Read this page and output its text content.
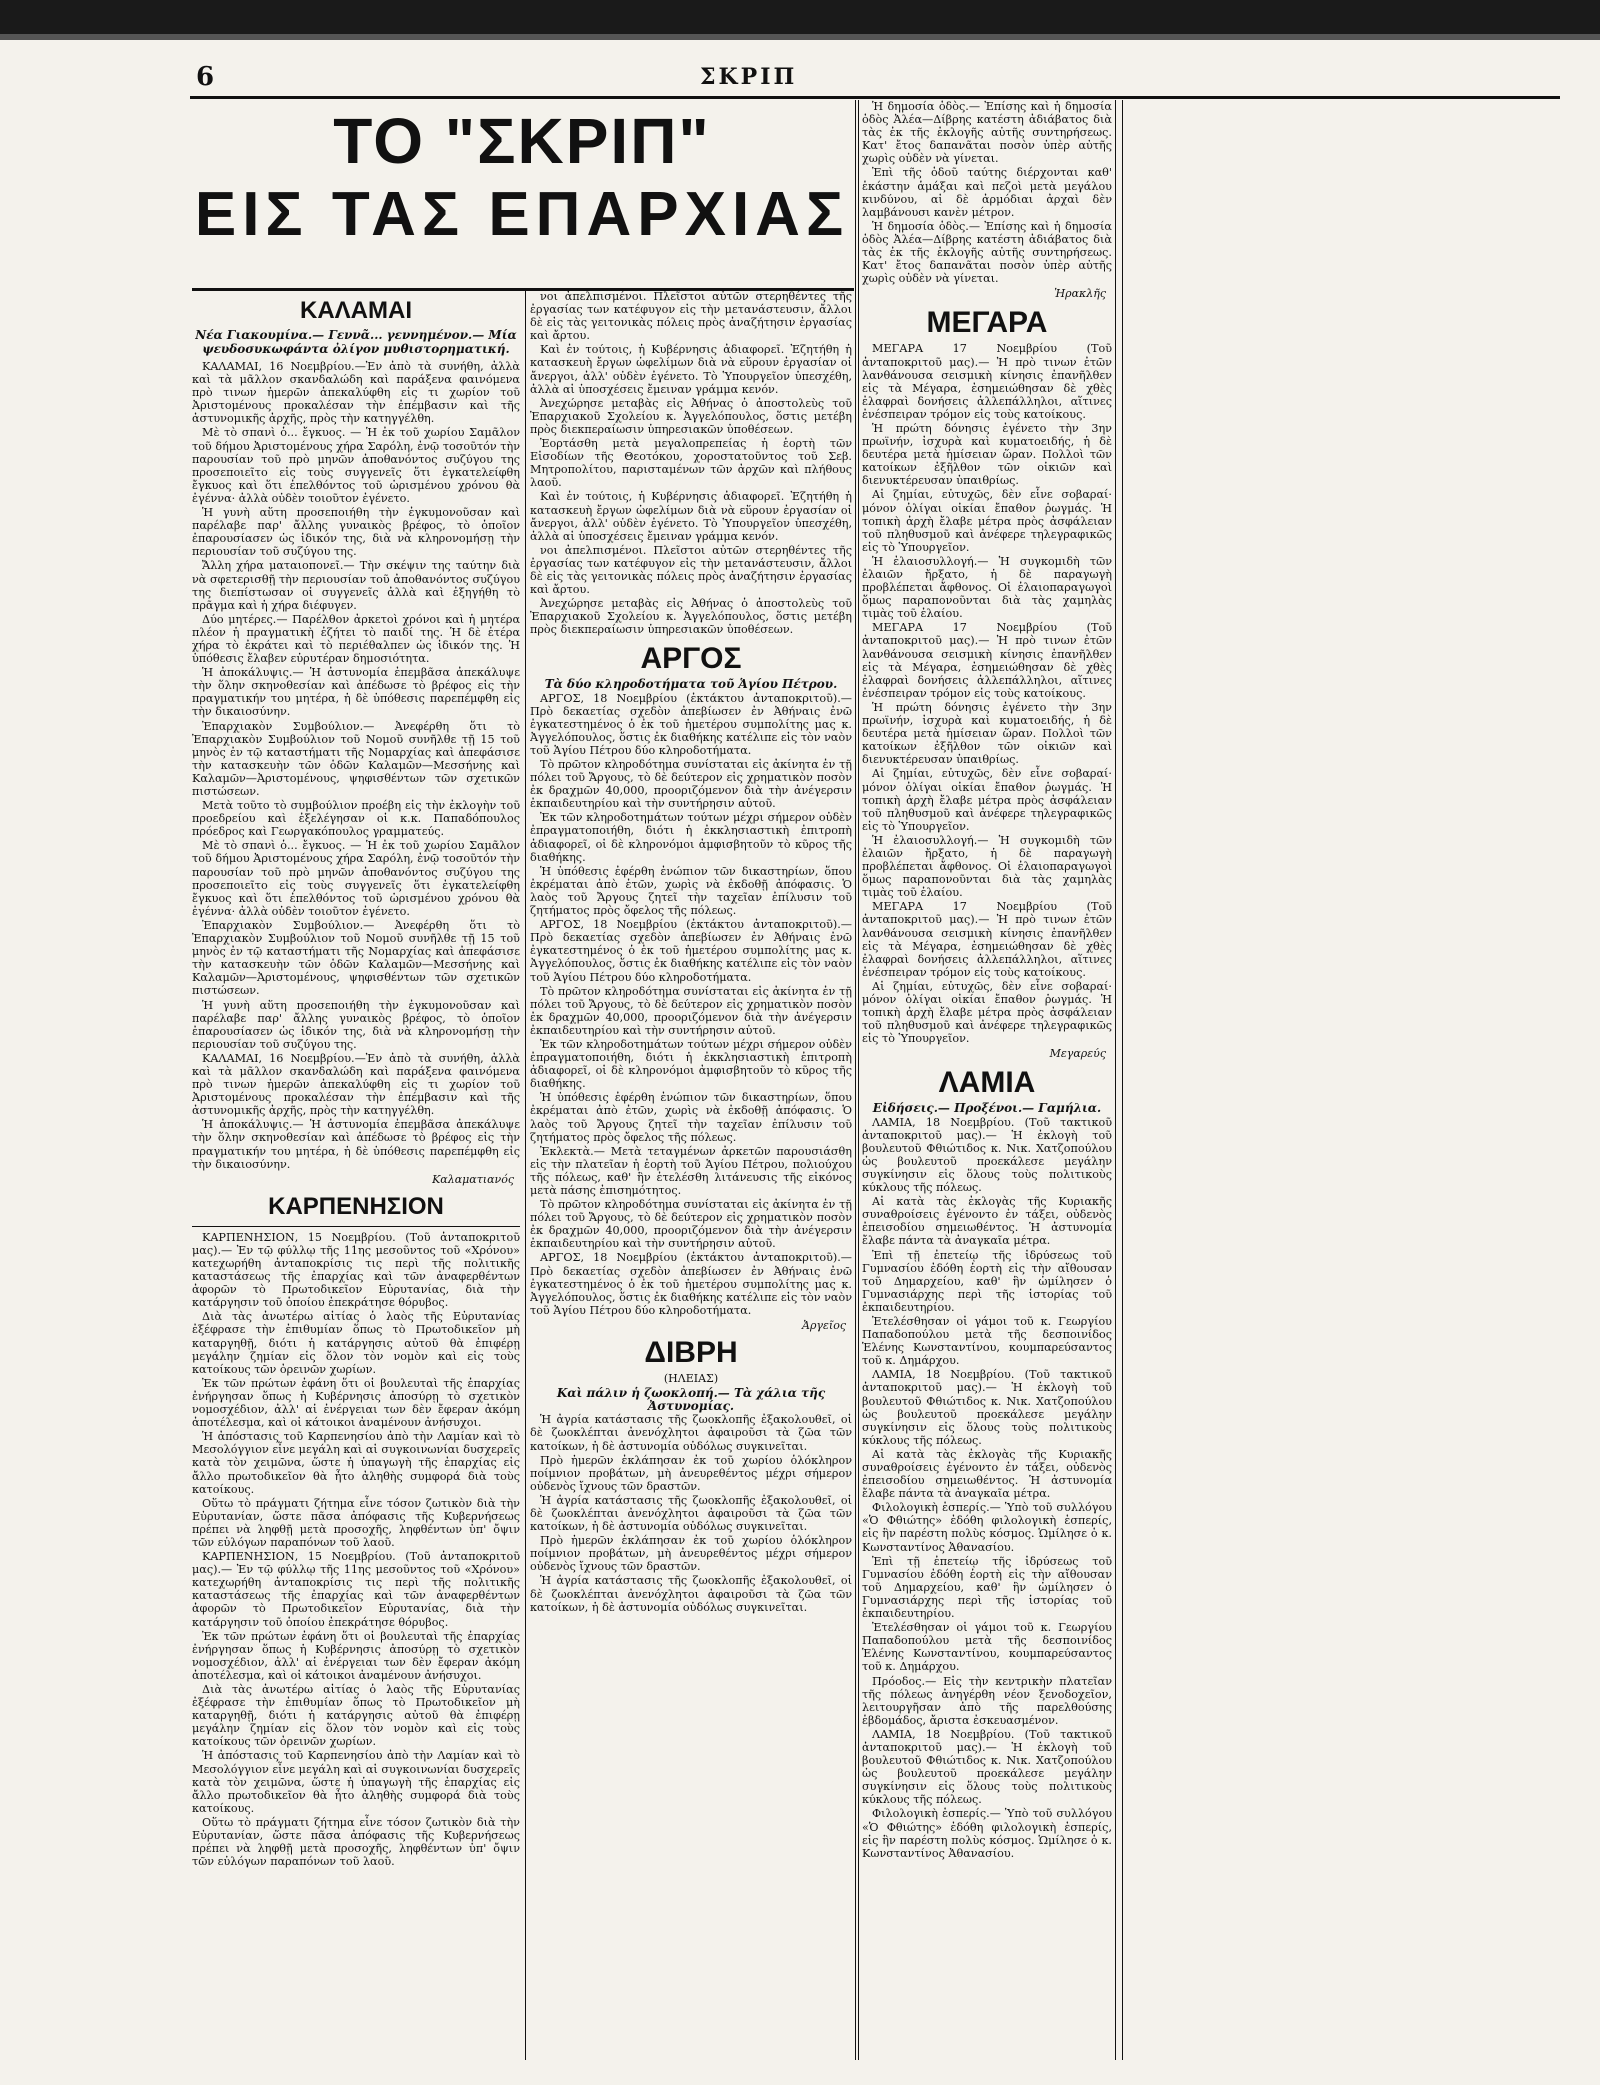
6	ΣΚΡΙΠ
ΤΟ "ΣΚΡΙΠ"
ΕΙΣ ΤΑΣ ΕΠΑΡΧΙΑΣ
ΚΑΛΑΜΑΙ
Νέα Γιακουμίνα.— Γεννᾶ... γεννημένον.— Μία ψευδοσυκωφάντα ὀλίγον μυθιστορηματική.

ΚΑΛΑΜΑΙ, 16 Νοεμβρίου.—Ἐν ἀπὸ τὰ συνήθη, ἀλλὰ καὶ τὰ μᾶλλον σκανδαλώδη καὶ παράξενα φαινόμενα πρὸ τινων ἡμερῶν ἀπεκαλύφθη εἰς τι χωρίον τοῦ Ἀριστομένους προκαλέσαν τὴν ἐπέμβασιν καὶ τῆς ἀστυνομικῆς ἀρχῆς, πρὸς τὴν κατηγγέλθη.

Μὲ τὸ σπανὶ ὁ... ἔγκυος. — Ἡ ἐκ τοῦ χωρίου Σαμᾶλον τοῦ δήμου Ἀριστομένους χήρα Σαρόλη, ἐνῷ τοσοῦτόν τὴν παρουσίαν τοῦ πρὸ μηνῶν ἀποθανόντος συζύγου της προσεποιεῖτο εἰς τοὺς συγγενεῖς ὅτι ἐγκατελείφθη ἔγκυος καὶ ὅτι ἐπελθόντος τοῦ ὡρισμένου χρόνου θὰ ἐγέννα· ἀλλὰ οὐδὲν τοιοῦτον ἐγένετο.

Ἡ γυνὴ αὕτη προσεποιήθη τὴν ἐγκυμονοῦσαν καὶ παρέλαβε παρ' ἄλλης γυναικὸς βρέφος, τὸ ὁποῖον ἐπαρουσίασεν ὡς ἰδικόν της, διὰ νὰ κληρονομήσῃ τὴν περιουσίαν τοῦ συζύγου της.

Ἄλλη χήρα ματαιοπονεῖ.— Τὴν σκέψιν της ταύτην διὰ νὰ σφετερισθῇ τὴν περιουσίαν τοῦ ἀποθανόντος συζύγου της διεπίστωσαν οἱ συγγενεῖς ἀλλὰ καὶ ἐξηγήθη τὸ πρᾶγμα καὶ ἡ χήρα διέφυγεν.

Δύο μητέρες.— Παρέλθον ἀρκετοὶ χρόνοι καὶ ἡ μητέρα πλέον ἡ πραγματικὴ ἐζήτει τὸ παιδί της. Ἡ δὲ ἑτέρα χήρα τὸ ἐκράτει καὶ τὸ περιέθαλπεν ὡς ἰδικόν της. Ἡ ὑπόθεσις ἔλαβεν εὐρυτέραν δημοσιότητα.

Ἡ ἀποκάλυψις.— Ἡ ἀστυνομία ἐπεμβᾶσα ἀπεκάλυψε τὴν ὅλην σκηνοθεσίαν καὶ ἀπέδωσε τὸ βρέφος εἰς τὴν πραγματικήν του μητέρα, ἡ δὲ ὑπόθεσις παρεπέμφθη εἰς τὴν δικαιοσύνην.

Ἐπαρχιακὸν Συμβούλιον.— Ἀνεφέρθη ὅτι τὸ Ἐπαρχιακὸν Συμβούλιον τοῦ Νομοῦ συνῆλθε τῇ 15 τοῦ μηνὸς ἐν τῷ καταστήματι τῆς Νομαρχίας καὶ ἀπεφάσισε τὴν κατασκευὴν τῶν ὁδῶν Καλαμῶν—Μεσσήνης καὶ Καλαμῶν—Ἀριστομένους, ψηφισθέντων τῶν σχετικῶν πιστώσεων.

Μετὰ τοῦτο τὸ συμβούλιον προέβη εἰς τὴν ἐκλογὴν τοῦ προεδρείου καὶ ἐξελέγησαν οἱ κ.κ. Παπαδόπουλος πρόεδρος καὶ Γεωργακόπουλος γραμματεύς.

Μὲ τὸ σπανὶ ὁ... ἔγκυος. — Ἡ ἐκ τοῦ χωρίου Σαμᾶλον τοῦ δήμου Ἀριστομένους χήρα Σαρόλη, ἐνῷ τοσοῦτόν τὴν παρουσίαν τοῦ πρὸ μηνῶν ἀποθανόντος συζύγου της προσεποιεῖτο εἰς τοὺς συγγενεῖς ὅτι ἐγκατελείφθη ἔγκυος καὶ ὅτι ἐπελθόντος τοῦ ὡρισμένου χρόνου θὰ ἐγέννα· ἀλλὰ οὐδὲν τοιοῦτον ἐγένετο.

Ἐπαρχιακὸν Συμβούλιον.— Ἀνεφέρθη ὅτι τὸ Ἐπαρχιακὸν Συμβούλιον τοῦ Νομοῦ συνῆλθε τῇ 15 τοῦ μηνὸς ἐν τῷ καταστήματι τῆς Νομαρχίας καὶ ἀπεφάσισε τὴν κατασκευὴν τῶν ὁδῶν Καλαμῶν—Μεσσήνης καὶ Καλαμῶν—Ἀριστομένους, ψηφισθέντων τῶν σχετικῶν πιστώσεων.

Ἡ γυνὴ αὕτη προσεποιήθη τὴν ἐγκυμονοῦσαν καὶ παρέλαβε παρ' ἄλλης γυναικὸς βρέφος, τὸ ὁποῖον ἐπαρουσίασεν ὡς ἰδικόν της, διὰ νὰ κληρονομήσῃ τὴν περιουσίαν τοῦ συζύγου της.

ΚΑΛΑΜΑΙ, 16 Νοεμβρίου.—Ἐν ἀπὸ τὰ συνήθη, ἀλλὰ καὶ τὰ μᾶλλον σκανδαλώδη καὶ παράξενα φαινόμενα πρὸ τινων ἡμερῶν ἀπεκαλύφθη εἰς τι χωρίον τοῦ Ἀριστομένους προκαλέσαν τὴν ἐπέμβασιν καὶ τῆς ἀστυνομικῆς ἀρχῆς, πρὸς τὴν κατηγγέλθη.

Ἡ ἀποκάλυψις.— Ἡ ἀστυνομία ἐπεμβᾶσα ἀπεκάλυψε τὴν ὅλην σκηνοθεσίαν καὶ ἀπέδωσε τὸ βρέφος εἰς τὴν πραγματικήν του μητέρα, ἡ δὲ ὑπόθεσις παρεπέμφθη εἰς τὴν δικαιοσύνην.

Καλαματιανός
ΚΑΡΠΕΝΗΣΙΟΝ

ΚΑΡΠΕΝΗΣΙΟΝ, 15 Νοεμβρίου. (Τοῦ ἀνταποκριτοῦ μας).— Ἐν τῷ φύλλῳ τῆς 11ης μεσοῦντος τοῦ «Χρόνου» κατεχωρήθη ἀνταποκρίσις τις περὶ τῆς πολιτικῆς καταστάσεως τῆς ἐπαρχίας καὶ τῶν ἀναφερθέντων ἀφορῶν τὸ Πρωτοδικεῖον Εὐρυτανίας, διὰ τὴν κατάργησιν τοῦ ὁποίου ἐπεκράτησε θόρυβος.

Διὰ τὰς ἀνωτέρω αἰτίας ὁ λαὸς τῆς Εὐρυτανίας ἐξέφρασε τὴν ἐπιθυμίαν ὅπως τὸ Πρωτοδικεῖον μὴ καταργηθῇ, διότι ἡ κατάργησις αὐτοῦ θὰ ἐπιφέρῃ μεγάλην ζημίαν εἰς ὅλον τὸν νομὸν καὶ εἰς τοὺς κατοίκους τῶν ὀρεινῶν χωρίων.

Ἐκ τῶν πρώτων ἐφάνη ὅτι οἱ βουλευταὶ τῆς ἐπαρχίας ἐνήργησαν ὅπως ἡ Κυβέρνησις ἀποσύρῃ τὸ σχετικὸν νομοσχέδιον, ἀλλ' αἱ ἐνέργειαι των δὲν ἔφεραν ἀκόμη ἀποτέλεσμα, καὶ οἱ κάτοικοι ἀναμένουν ἀνήσυχοι.

Ἡ ἀπόστασις τοῦ Καρπενησίου ἀπὸ τὴν Λαμίαν καὶ τὸ Μεσολόγγιον εἶνε μεγάλη καὶ αἱ συγκοινωνίαι δυσχερεῖς κατὰ τὸν χειμῶνα, ὥστε ἡ ὑπαγωγὴ τῆς ἐπαρχίας εἰς ἄλλο πρωτοδικεῖον θὰ ἦτο ἀληθὴς συμφορά διὰ τοὺς κατοίκους.

Οὕτω τὸ πράγματι ζήτημα εἶνε τόσον ζωτικὸν διὰ τὴν Εὐρυτανίαν, ὥστε πᾶσα ἀπόφασις τῆς Κυβερνήσεως πρέπει νὰ ληφθῇ μετὰ προσοχῆς, ληφθέντων ὑπ' ὄψιν τῶν εὐλόγων παραπόνων τοῦ λαοῦ.

ΚΑΡΠΕΝΗΣΙΟΝ, 15 Νοεμβρίου. (Τοῦ ἀνταποκριτοῦ μας).— Ἐν τῷ φύλλῳ τῆς 11ης μεσοῦντος τοῦ «Χρόνου» κατεχωρήθη ἀνταποκρίσις τις περὶ τῆς πολιτικῆς καταστάσεως τῆς ἐπαρχίας καὶ τῶν ἀναφερθέντων ἀφορῶν τὸ Πρωτοδικεῖον Εὐρυτανίας, διὰ τὴν κατάργησιν τοῦ ὁποίου ἐπεκράτησε θόρυβος.

Ἐκ τῶν πρώτων ἐφάνη ὅτι οἱ βουλευταὶ τῆς ἐπαρχίας ἐνήργησαν ὅπως ἡ Κυβέρνησις ἀποσύρῃ τὸ σχετικὸν νομοσχέδιον, ἀλλ' αἱ ἐνέργειαι των δὲν ἔφεραν ἀκόμη ἀποτέλεσμα, καὶ οἱ κάτοικοι ἀναμένουν ἀνήσυχοι.

Διὰ τὰς ἀνωτέρω αἰτίας ὁ λαὸς τῆς Εὐρυτανίας ἐξέφρασε τὴν ἐπιθυμίαν ὅπως τὸ Πρωτοδικεῖον μὴ καταργηθῇ, διότι ἡ κατάργησις αὐτοῦ θὰ ἐπιφέρῃ μεγάλην ζημίαν εἰς ὅλον τὸν νομὸν καὶ εἰς τοὺς κατοίκους τῶν ὀρεινῶν χωρίων.

Ἡ ἀπόστασις τοῦ Καρπενησίου ἀπὸ τὴν Λαμίαν καὶ τὸ Μεσολόγγιον εἶνε μεγάλη καὶ αἱ συγκοινωνίαι δυσχερεῖς κατὰ τὸν χειμῶνα, ὥστε ἡ ὑπαγωγὴ τῆς ἐπαρχίας εἰς ἄλλο πρωτοδικεῖον θὰ ἦτο ἀληθὴς συμφορά διὰ τοὺς κατοίκους.

Οὕτω τὸ πράγματι ζήτημα εἶνε τόσον ζωτικὸν διὰ τὴν Εὐρυτανίαν, ὥστε πᾶσα ἀπόφασις τῆς Κυβερνήσεως πρέπει νὰ ληφθῇ μετὰ προσοχῆς, ληφθέντων ὑπ' ὄψιν τῶν εὐλόγων παραπόνων τοῦ λαοῦ.

νοι ἀπελπισμένοι. Πλεῖστοι αὐτῶν στερηθέντες τῆς ἐργασίας των κατέφυγον εἰς τὴν μετανάστευσιν, ἄλλοι δὲ εἰς τὰς γειτονικὰς πόλεις πρὸς ἀναζήτησιν ἐργασίας καὶ ἄρτου.

Καὶ ἐν τούτοις, ἡ Κυβέρνησις ἀδιαφορεῖ. Ἐζητήθη ἡ κατασκευὴ ἔργων ὠφελίμων διὰ νὰ εὕρουν ἐργασίαν οἱ ἄνεργοι, ἀλλ' οὐδὲν ἐγένετο. Τὸ Ὑπουργεῖον ὑπεσχέθη, ἀλλὰ αἱ ὑποσχέσεις ἔμειναν γράμμα κενόν.

Ἀνεχώρησε μεταβὰς εἰς Ἀθήνας ὁ ἀποστολεὺς τοῦ Ἐπαρχιακοῦ Σχολείου κ. Ἀγγελόπουλος, ὅστις μετέβη πρὸς διεκπεραίωσιν ὑπηρεσιακῶν ὑποθέσεων.

Ἐορτάσθη μετὰ μεγαλοπρεπείας ἡ ἑορτὴ τῶν Εἰσοδίων τῆς Θεοτόκου, χοροστατοῦντος τοῦ Σεβ. Μητροπολίτου, παρισταμένων τῶν ἀρχῶν καὶ πλήθους λαοῦ.

Καὶ ἐν τούτοις, ἡ Κυβέρνησις ἀδιαφορεῖ. Ἐζητήθη ἡ κατασκευὴ ἔργων ὠφελίμων διὰ νὰ εὕρουν ἐργασίαν οἱ ἄνεργοι, ἀλλ' οὐδὲν ἐγένετο. Τὸ Ὑπουργεῖον ὑπεσχέθη, ἀλλὰ αἱ ὑποσχέσεις ἔμειναν γράμμα κενόν.

νοι ἀπελπισμένοι. Πλεῖστοι αὐτῶν στερηθέντες τῆς ἐργασίας των κατέφυγον εἰς τὴν μετανάστευσιν, ἄλλοι δὲ εἰς τὰς γειτονικὰς πόλεις πρὸς ἀναζήτησιν ἐργασίας καὶ ἄρτου.

Ἀνεχώρησε μεταβὰς εἰς Ἀθήνας ὁ ἀποστολεὺς τοῦ Ἐπαρχιακοῦ Σχολείου κ. Ἀγγελόπουλος, ὅστις μετέβη πρὸς διεκπεραίωσιν ὑπηρεσιακῶν ὑποθέσεων.

ΑΡΓΟΣ
Τὰ δύο κληροδοτήματα τοῦ Ἁγίου Πέτρου.

ΑΡΓΟΣ, 18 Νοεμβρίου (ἐκτάκτου ἀνταποκριτοῦ).— Πρὸ δεκαετίας σχεδὸν ἀπεβίωσεν ἐν Ἀθήναις ἐνῶ ἐγκατεστημένος ὁ ἐκ τοῦ ἡμετέρου συμπολίτης μας κ. Ἀγγελόπουλος, ὅστις ἐκ διαθήκης κατέλιπε εἰς τὸν ναὸν τοῦ Ἁγίου Πέτρου δύο κληροδοτήματα.

Τὸ πρῶτον κληροδότημα συνίσταται εἰς ἀκίνητα ἐν τῇ πόλει τοῦ Ἄργους, τὸ δὲ δεύτερον εἰς χρηματικὸν ποσὸν ἐκ δραχμῶν 40,000, προοριζόμενον διὰ τὴν ἀνέγερσιν ἐκπαιδευτηρίου καὶ τὴν συντήρησιν αὐτοῦ.

Ἐκ τῶν κληροδοτημάτων τούτων μέχρι σήμερον οὐδὲν ἐπραγματοποιήθη, διότι ἡ ἐκκλησιαστικὴ ἐπιτροπὴ ἀδιαφορεῖ, οἱ δὲ κληρονόμοι ἀμφισβητοῦν τὸ κῦρος τῆς διαθήκης.

Ἡ ὑπόθεσις ἐφέρθη ἐνώπιον τῶν δικαστηρίων, ὅπου ἐκρέμαται ἀπὸ ἐτῶν, χωρὶς νὰ ἐκδοθῇ ἀπόφασις. Ὁ λαὸς τοῦ Ἄργους ζητεῖ τὴν ταχεῖαν ἐπίλυσιν τοῦ ζητήματος πρὸς ὄφελος τῆς πόλεως.

ΑΡΓΟΣ, 18 Νοεμβρίου (ἐκτάκτου ἀνταποκριτοῦ).— Πρὸ δεκαετίας σχεδὸν ἀπεβίωσεν ἐν Ἀθήναις ἐνῶ ἐγκατεστημένος ὁ ἐκ τοῦ ἡμετέρου συμπολίτης μας κ. Ἀγγελόπουλος, ὅστις ἐκ διαθήκης κατέλιπε εἰς τὸν ναὸν τοῦ Ἁγίου Πέτρου δύο κληροδοτήματα.

Τὸ πρῶτον κληροδότημα συνίσταται εἰς ἀκίνητα ἐν τῇ πόλει τοῦ Ἄργους, τὸ δὲ δεύτερον εἰς χρηματικὸν ποσὸν ἐκ δραχμῶν 40,000, προοριζόμενον διὰ τὴν ἀνέγερσιν ἐκπαιδευτηρίου καὶ τὴν συντήρησιν αὐτοῦ.

Ἐκ τῶν κληροδοτημάτων τούτων μέχρι σήμερον οὐδὲν ἐπραγματοποιήθη, διότι ἡ ἐκκλησιαστικὴ ἐπιτροπὴ ἀδιαφορεῖ, οἱ δὲ κληρονόμοι ἀμφισβητοῦν τὸ κῦρος τῆς διαθήκης.

Ἡ ὑπόθεσις ἐφέρθη ἐνώπιον τῶν δικαστηρίων, ὅπου ἐκρέμαται ἀπὸ ἐτῶν, χωρὶς νὰ ἐκδοθῇ ἀπόφασις. Ὁ λαὸς τοῦ Ἄργους ζητεῖ τὴν ταχεῖαν ἐπίλυσιν τοῦ ζητήματος πρὸς ὄφελος τῆς πόλεως.

Ἐκλεκτὰ.— Μετὰ τεταγμένων ἀρκετῶν παρουσιάσθη εἰς τὴν πλατεῖαν ἡ ἑορτὴ τοῦ Ἁγίου Πέτρου, πολιούχου τῆς πόλεως, καθ' ἣν ἐτελέσθη λιτάνευσις τῆς εἰκόνος μετὰ πάσης ἐπισημότητος.

Τὸ πρῶτον κληροδότημα συνίσταται εἰς ἀκίνητα ἐν τῇ πόλει τοῦ Ἄργους, τὸ δὲ δεύτερον εἰς χρηματικὸν ποσὸν ἐκ δραχμῶν 40,000, προοριζόμενον διὰ τὴν ἀνέγερσιν ἐκπαιδευτηρίου καὶ τὴν συντήρησιν αὐτοῦ.

ΑΡΓΟΣ, 18 Νοεμβρίου (ἐκτάκτου ἀνταποκριτοῦ).— Πρὸ δεκαετίας σχεδὸν ἀπεβίωσεν ἐν Ἀθήναις ἐνῶ ἐγκατεστημένος ὁ ἐκ τοῦ ἡμετέρου συμπολίτης μας κ. Ἀγγελόπουλος, ὅστις ἐκ διαθήκης κατέλιπε εἰς τὸν ναὸν τοῦ Ἁγίου Πέτρου δύο κληροδοτήματα.

Ἀργεῖος
ΔΙΒΡΗ
(ΗΛΕΙΑΣ)
Καὶ πάλιν ἡ ζωοκλοπή.— Τὰ χάλια τῆς Ἀστυνομίας.

Ἡ ἀγρία κατάστασις τῆς ζωοκλοπῆς ἐξακολουθεῖ, οἱ δὲ ζωοκλέπται ἀνενόχλητοι ἀφαιροῦσι τὰ ζῶα τῶν κατοίκων, ἡ δὲ ἀστυνομία οὐδόλως συγκινεῖται.

Πρὸ ἡμερῶν ἐκλάπησαν ἐκ τοῦ χωρίου ὁλόκληρον ποίμνιον προβάτων, μὴ ἀνευρεθέντος μέχρι σήμερον οὐδενὸς ἴχνους τῶν δραστῶν.

Ἡ ἀγρία κατάστασις τῆς ζωοκλοπῆς ἐξακολουθεῖ, οἱ δὲ ζωοκλέπται ἀνενόχλητοι ἀφαιροῦσι τὰ ζῶα τῶν κατοίκων, ἡ δὲ ἀστυνομία οὐδόλως συγκινεῖται.

Πρὸ ἡμερῶν ἐκλάπησαν ἐκ τοῦ χωρίου ὁλόκληρον ποίμνιον προβάτων, μὴ ἀνευρεθέντος μέχρι σήμερον οὐδενὸς ἴχνους τῶν δραστῶν.

Ἡ ἀγρία κατάστασις τῆς ζωοκλοπῆς ἐξακολουθεῖ, οἱ δὲ ζωοκλέπται ἀνενόχλητοι ἀφαιροῦσι τὰ ζῶα τῶν κατοίκων, ἡ δὲ ἀστυνομία οὐδόλως συγκινεῖται.

Ἡ δημοσία ὁδὸς.— Ἐπίσης καὶ ἡ δημοσία ὁδὸς Ἀλέα—Δίβρης κατέστη ἀδιάβατος διὰ τὰς ἐκ τῆς ἐκλογῆς αὐτῆς συντηρήσεως. Κατ' ἔτος δαπανᾶται ποσὸν ὑπὲρ αὐτῆς χωρὶς οὐδὲν νὰ γίνεται.

Ἐπὶ τῆς ὁδοῦ ταύτης διέρχονται καθ' ἑκάστην ἁμάξαι καὶ πεζοὶ μετὰ μεγάλου κινδύνου, αἱ δὲ ἀρμόδιαι ἀρχαὶ δὲν λαμβάνουσι κανὲν μέτρον.

Ἡ δημοσία ὁδὸς.— Ἐπίσης καὶ ἡ δημοσία ὁδὸς Ἀλέα—Δίβρης κατέστη ἀδιάβατος διὰ τὰς ἐκ τῆς ἐκλογῆς αὐτῆς συντηρήσεως. Κατ' ἔτος δαπανᾶται ποσὸν ὑπὲρ αὐτῆς χωρὶς οὐδὲν νὰ γίνεται.

Ἡρακλῆς
ΜΕΓΑΡΑ

ΜΕΓΑΡΑ 17 Νοεμβρίου (Τοῦ ἀνταποκριτοῦ μας).— Ἡ πρὸ τινων ἐτῶν λανθάνουσα σεισμικὴ κίνησις ἐπανῆλθεν εἰς τὰ Μέγαρα, ἐσημειώθησαν δὲ χθὲς ἐλαφραὶ δονήσεις ἀλλεπάλληλοι, αἵτινες ἐνέσπειραν τρόμον εἰς τοὺς κατοίκους.

Ἡ πρώτη δόνησις ἐγένετο τὴν 3ην πρωϊνήν, ἰσχυρὰ καὶ κυματοειδής, ἡ δὲ δευτέρα μετὰ ἡμίσειαν ὥραν. Πολλοὶ τῶν κατοίκων ἐξῆλθον τῶν οἰκιῶν καὶ διενυκτέρευσαν ὑπαιθρίως.

Αἱ ζημίαι, εὐτυχῶς, δὲν εἶνε σοβαραί· μόνον ὀλίγαι οἰκίαι ἔπαθον ῥωγμάς. Ἡ τοπικὴ ἀρχὴ ἔλαβε μέτρα πρὸς ἀσφάλειαν τοῦ πληθυσμοῦ καὶ ἀνέφερε τηλεγραφικῶς εἰς τὸ Ὑπουργεῖον.

Ἡ ἐλαιοσυλλογή.— Ἡ συγκομιδὴ τῶν ἐλαιῶν ἤρξατο, ἡ δὲ παραγωγὴ προβλέπεται ἄφθονος. Οἱ ἐλαιοπαραγωγοὶ ὅμως παραπονοῦνται διὰ τὰς χαμηλὰς τιμὰς τοῦ ἐλαίου.

ΜΕΓΑΡΑ 17 Νοεμβρίου (Τοῦ ἀνταποκριτοῦ μας).— Ἡ πρὸ τινων ἐτῶν λανθάνουσα σεισμικὴ κίνησις ἐπανῆλθεν εἰς τὰ Μέγαρα, ἐσημειώθησαν δὲ χθὲς ἐλαφραὶ δονήσεις ἀλλεπάλληλοι, αἵτινες ἐνέσπειραν τρόμον εἰς τοὺς κατοίκους.

Ἡ πρώτη δόνησις ἐγένετο τὴν 3ην πρωϊνήν, ἰσχυρὰ καὶ κυματοειδής, ἡ δὲ δευτέρα μετὰ ἡμίσειαν ὥραν. Πολλοὶ τῶν κατοίκων ἐξῆλθον τῶν οἰκιῶν καὶ διενυκτέρευσαν ὑπαιθρίως.

Αἱ ζημίαι, εὐτυχῶς, δὲν εἶνε σοβαραί· μόνον ὀλίγαι οἰκίαι ἔπαθον ῥωγμάς. Ἡ τοπικὴ ἀρχὴ ἔλαβε μέτρα πρὸς ἀσφάλειαν τοῦ πληθυσμοῦ καὶ ἀνέφερε τηλεγραφικῶς εἰς τὸ Ὑπουργεῖον.

Ἡ ἐλαιοσυλλογή.— Ἡ συγκομιδὴ τῶν ἐλαιῶν ἤρξατο, ἡ δὲ παραγωγὴ προβλέπεται ἄφθονος. Οἱ ἐλαιοπαραγωγοὶ ὅμως παραπονοῦνται διὰ τὰς χαμηλὰς τιμὰς τοῦ ἐλαίου.

ΜΕΓΑΡΑ 17 Νοεμβρίου (Τοῦ ἀνταποκριτοῦ μας).— Ἡ πρὸ τινων ἐτῶν λανθάνουσα σεισμικὴ κίνησις ἐπανῆλθεν εἰς τὰ Μέγαρα, ἐσημειώθησαν δὲ χθὲς ἐλαφραὶ δονήσεις ἀλλεπάλληλοι, αἵτινες ἐνέσπειραν τρόμον εἰς τοὺς κατοίκους.

Αἱ ζημίαι, εὐτυχῶς, δὲν εἶνε σοβαραί· μόνον ὀλίγαι οἰκίαι ἔπαθον ῥωγμάς. Ἡ τοπικὴ ἀρχὴ ἔλαβε μέτρα πρὸς ἀσφάλειαν τοῦ πληθυσμοῦ καὶ ἀνέφερε τηλεγραφικῶς εἰς τὸ Ὑπουργεῖον.

Μεγαρεύς
ΛΑΜΙΑ
Εἰδήσεις.— Προξένοι.— Γαμήλια.

ΛΑΜΙΑ, 18 Νοεμβρίου. (Τοῦ τακτικοῦ ἀνταποκριτοῦ μας).— Ἡ ἐκλογὴ τοῦ βουλευτοῦ Φθιώτιδος κ. Νικ. Χατζοπούλου ὡς βουλευτοῦ προεκάλεσε μεγάλην συγκίνησιν εἰς ὅλους τοὺς πολιτικοὺς κύκλους τῆς πόλεως.

Αἱ κατὰ τὰς ἐκλογὰς τῆς Κυριακῆς συναθροίσεις ἐγένοντο ἐν τάξει, οὐδενὸς ἐπεισοδίου σημειωθέντος. Ἡ ἀστυνομία ἔλαβε πάντα τὰ ἀναγκαῖα μέτρα.

Ἐπὶ τῇ ἐπετείῳ τῆς ἱδρύσεως τοῦ Γυμνασίου ἐδόθη ἑορτὴ εἰς τὴν αἴθουσαν τοῦ Δημαρχείου, καθ' ἣν ὡμίλησεν ὁ Γυμνασιάρχης περὶ τῆς ἱστορίας τοῦ ἐκπαιδευτηρίου.

Ἐτελέσθησαν οἱ γάμοι τοῦ κ. Γεωργίου Παπαδοπούλου μετὰ τῆς δεσποινίδος Ἑλένης Κωνσταντίνου, κουμπαρεύσαντος τοῦ κ. Δημάρχου.

ΛΑΜΙΑ, 18 Νοεμβρίου. (Τοῦ τακτικοῦ ἀνταποκριτοῦ μας).— Ἡ ἐκλογὴ τοῦ βουλευτοῦ Φθιώτιδος κ. Νικ. Χατζοπούλου ὡς βουλευτοῦ προεκάλεσε μεγάλην συγκίνησιν εἰς ὅλους τοὺς πολιτικοὺς κύκλους τῆς πόλεως.

Αἱ κατὰ τὰς ἐκλογὰς τῆς Κυριακῆς συναθροίσεις ἐγένοντο ἐν τάξει, οὐδενὸς ἐπεισοδίου σημειωθέντος. Ἡ ἀστυνομία ἔλαβε πάντα τὰ ἀναγκαῖα μέτρα.

Φιλολογικὴ ἑσπερίς.— Ὑπὸ τοῦ συλλόγου «Ὁ Φθιώτης» ἐδόθη φιλολογικὴ ἑσπερίς, εἰς ἣν παρέστη πολὺς κόσμος. Ὡμίλησε ὁ κ. Κωνσταντίνος Ἀθανασίου.

Ἐπὶ τῇ ἐπετείῳ τῆς ἱδρύσεως τοῦ Γυμνασίου ἐδόθη ἑορτὴ εἰς τὴν αἴθουσαν τοῦ Δημαρχείου, καθ' ἣν ὡμίλησεν ὁ Γυμνασιάρχης περὶ τῆς ἱστορίας τοῦ ἐκπαιδευτηρίου.

Ἐτελέσθησαν οἱ γάμοι τοῦ κ. Γεωργίου Παπαδοπούλου μετὰ τῆς δεσποινίδος Ἑλένης Κωνσταντίνου, κουμπαρεύσαντος τοῦ κ. Δημάρχου.

Πρόοδος.— Εἰς τὴν κεντρικὴν πλατεῖαν τῆς πόλεως ἀνηγέρθη νέον ξενοδοχεῖον, λειτουργῆσαν ἀπὸ τῆς παρελθούσης ἑβδομάδος, ἄριστα ἐσκευασμένον.

ΛΑΜΙΑ, 18 Νοεμβρίου. (Τοῦ τακτικοῦ ἀνταποκριτοῦ μας).— Ἡ ἐκλογὴ τοῦ βουλευτοῦ Φθιώτιδος κ. Νικ. Χατζοπούλου ὡς βουλευτοῦ προεκάλεσε μεγάλην συγκίνησιν εἰς ὅλους τοὺς πολιτικοὺς κύκλους τῆς πόλεως.

Φιλολογικὴ ἑσπερίς.— Ὑπὸ τοῦ συλλόγου «Ὁ Φθιώτης» ἐδόθη φιλολογικὴ ἑσπερίς, εἰς ἣν παρέστη πολὺς κόσμος. Ὡμίλησε ὁ κ. Κωνσταντίνος Ἀθανασίου.
